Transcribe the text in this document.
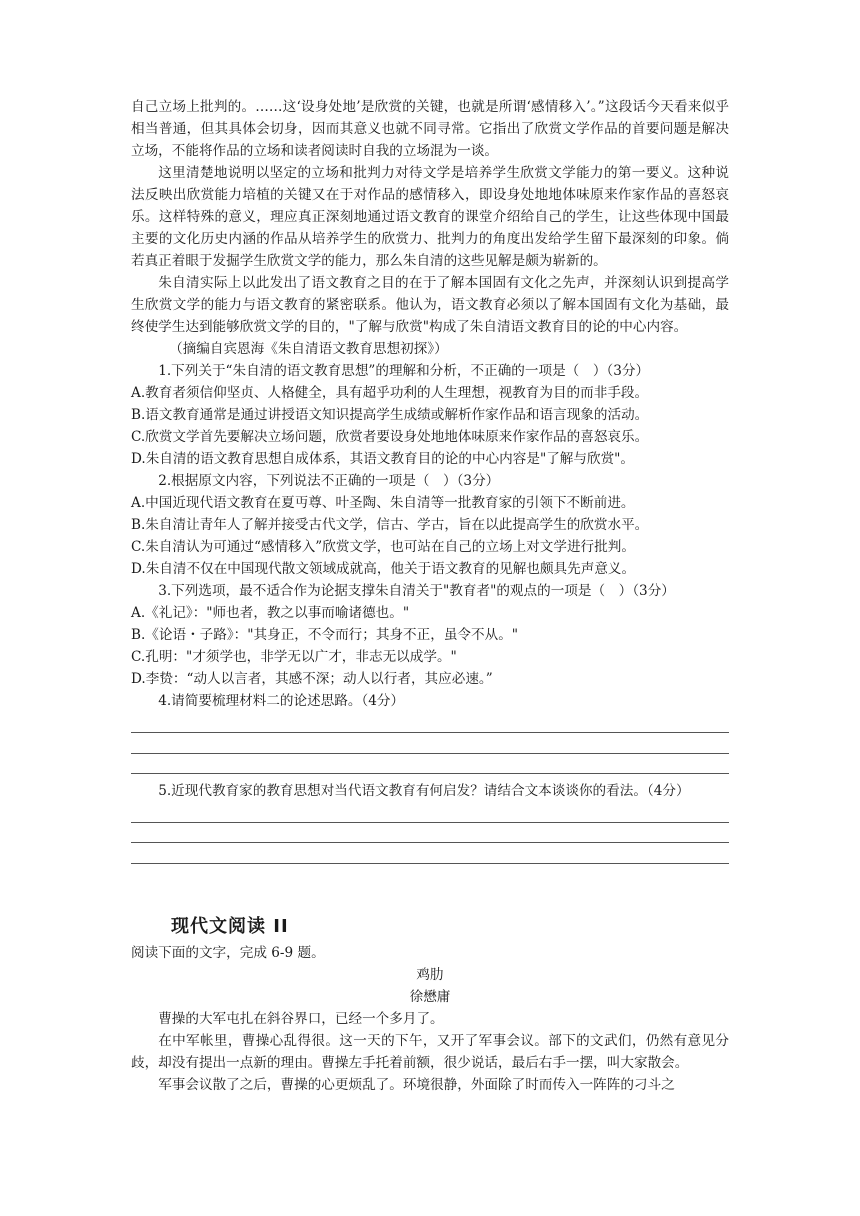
自己立场上批判的。……这‘设身处地’是欣赏的关键，也就是所谓‘感情移入’。”这段话今天看来似乎相当普通，但其具体会切身，因而其意义也就不同寻常。它指出了欣赏文学作品的首要问题是解决立场，不能将作品的立场和读者阅读时自我的立场混为一谈。

这里清楚地说明以坚定的立场和批判力对待文学是培养学生欣赏文学能力的第一要义。这种说法反映出欣赏能力培植的关键又在于对作品的感情移入，即设身处地地体味原来作家作品的喜怒哀乐。这样特殊的意义，理应真正深刻地通过语文教育的课堂介绍给自己的学生，让这些体现中国最主要的文化历史内涵的作品从培养学生的欣赏力、批判力的角度出发给学生留下最深刻的印象。倘若真正着眼于发掘学生欣赏文学的能力，那么朱自清的这些见解是颇为崭新的。

朱自清实际上以此发出了语文教育之目的在于了解本国固有文化之先声，并深刻认识到提高学生欣赏文学的能力与语文教育的紧密联系。他认为，语文教育必须以了解本国固有文化为基础，最终使学生达到能够欣赏文学的目的，"了解与欣赏"构成了朱自清语文教育目的论的中心内容。

（摘编自宾恩海《朱自清语文教育思想初探》）

1.下列关于“朱自清的语文教育思想”的理解和分析，不正确的一项是（　）（3分）

A.教育者须信仰坚贞、人格健全，具有超乎功利的人生理想，视教育为目的而非手段。

B.语文教育通常是通过讲授语文知识提高学生成绩或解析作家作品和语言现象的活动。

C.欣赏文学首先要解决立场问题，欣赏者要设身处地地体味原来作家作品的喜怒哀乐。

D.朱自清的语文教育思想自成体系，其语文教育目的论的中心内容是"了解与欣赏"。

2.根据原文内容，下列说法不正确的一项是（　）（3分）

A.中国近现代语文教育在夏丏尊、叶圣陶、朱自清等一批教育家的引领下不断前进。

B.朱自清让青年人了解并接受古代文学，信古、学古，旨在以此提高学生的欣赏水平。

C.朱自清认为可通过“感情移入”欣赏文学，也可站在自己的立场上对文学进行批判。

D.朱自清不仅在中国现代散文领域成就高，他关于语文教育的见解也颇具先声意义。

3.下列选项，最不适合作为论据支撑朱自清关于"教育者"的观点的一项是（　）（3分）

A.《礼记》："师也者，教之以事而喻诸德也。"

B.《论语・子路》："其身正，不令而行；其身不正，虽令不从。"

C.孔明："才须学也，非学无以广才，非志无以成学。"

D.李贽：“动人以言者，其感不深；动人以行者，其应必速。”

4.请简要梳理材料二的论述思路。（4分）

5.近现代教育家的教育思想对当代语文教育有何启发？请结合文本谈谈你的看法。（4分）

现代文阅读 II

阅读下面的文字，完成 6-9 题。

鸡肋

徐懋庸

曹操的大军屯扎在斜谷界口，已经一个多月了。

在中军帐里，曹操心乱得很。这一天的下午，又开了军事会议。部下的文武们，仍然有意见分歧，却没有提出一点新的理由。曹操左手托着前额，很少说话，最后右手一摆，叫大家散会。

军事会议散了之后，曹操的心更烦乱了。环境很静，外面除了时而传入一阵阵的刁斗之
